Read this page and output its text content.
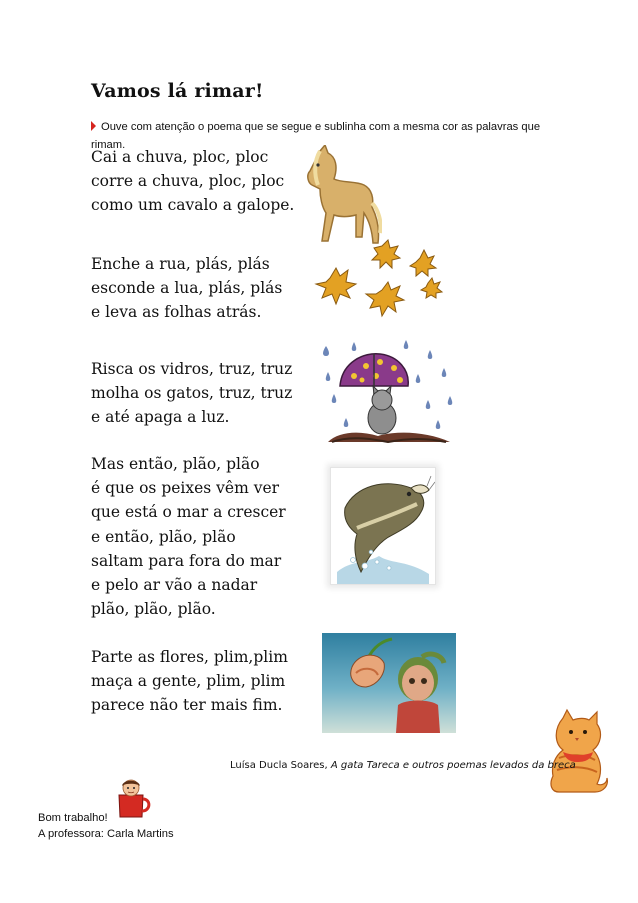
Vamos lá rimar!
Ouve com atenção o poema que se segue e sublinha com a mesma cor as palavras que rimam.
Cai a chuva, ploc, ploc
corre a chuva, ploc, ploc
como um cavalo a galope.
Enche a rua, plás, plás
esconde a lua, plás, plás
e leva as folhas atrás.
Risca os vidros, truz, truz
molha os gatos, truz, truz
e até apaga a luz.
Mas então, plão, plão
é que os peixes vêm ver
que está o mar a crescer
e então, plão, plão
saltam para fora do mar
e pelo ar vão a nadar
plão, plão, plão.
Parte as flores, plim,plim
maça a gente, plim, plim
parece não ter mais fim.
Luísa Ducla Soares, A gata Tareca e outros poemas levados da breca
Bom trabalho!
A professora: Carla Martins
